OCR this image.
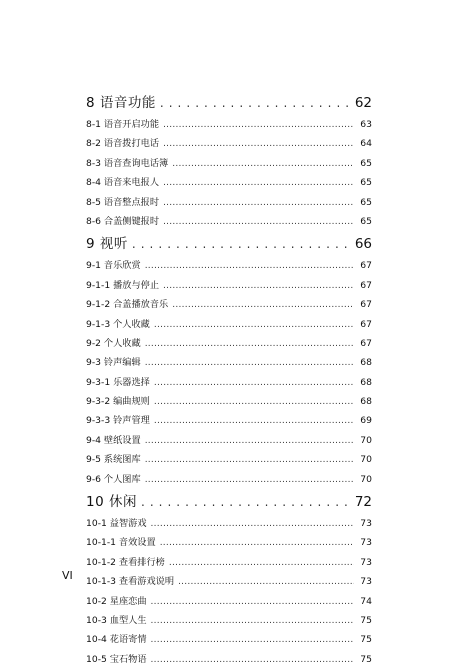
8 语音功能 . . .	62
8-1 语音开启功能 . . .	63
8-2 语音拨打电话 . . .	64
8-3 语音查询电话簿 . . .	65
8-4 语音来电报人 . . .	65
8-5 语音整点报时 . . .	65
8-6 合盖侧键报时 . . .	65
9 视听 . . .	66
9-1 音乐欣赏 . . .	67
9-1-1 播放与停止 . . .	67
9-1-2 合盖播放音乐 . . .	67
9-1-3 个人收藏 . . .	67
9-2 个人收藏 . . .	67
9-3 铃声编辑 . . .	68
9-3-1 乐器选择 . . .	68
9-3-2 编曲规则 . . .	68
9-3-3 铃声管理 . . .	69
9-4 壁纸设置 . . .	70
9-5 系统图库 . . .	70
9-6 个人图库 . . .	70
10 休闲 . . .	72
10-1 益智游戏 . . .	73
10-1-1 音效设置 . . .	73
10-1-2 查看排行榜 . . .	73
10-1-3 查看游戏说明 . . .	73
10-2 星座恋曲 . . .	74
10-3 血型人生 . . .	75
10-4 花语寄情 . . .	75
10-5 宝石物语 . . .	75
VI
